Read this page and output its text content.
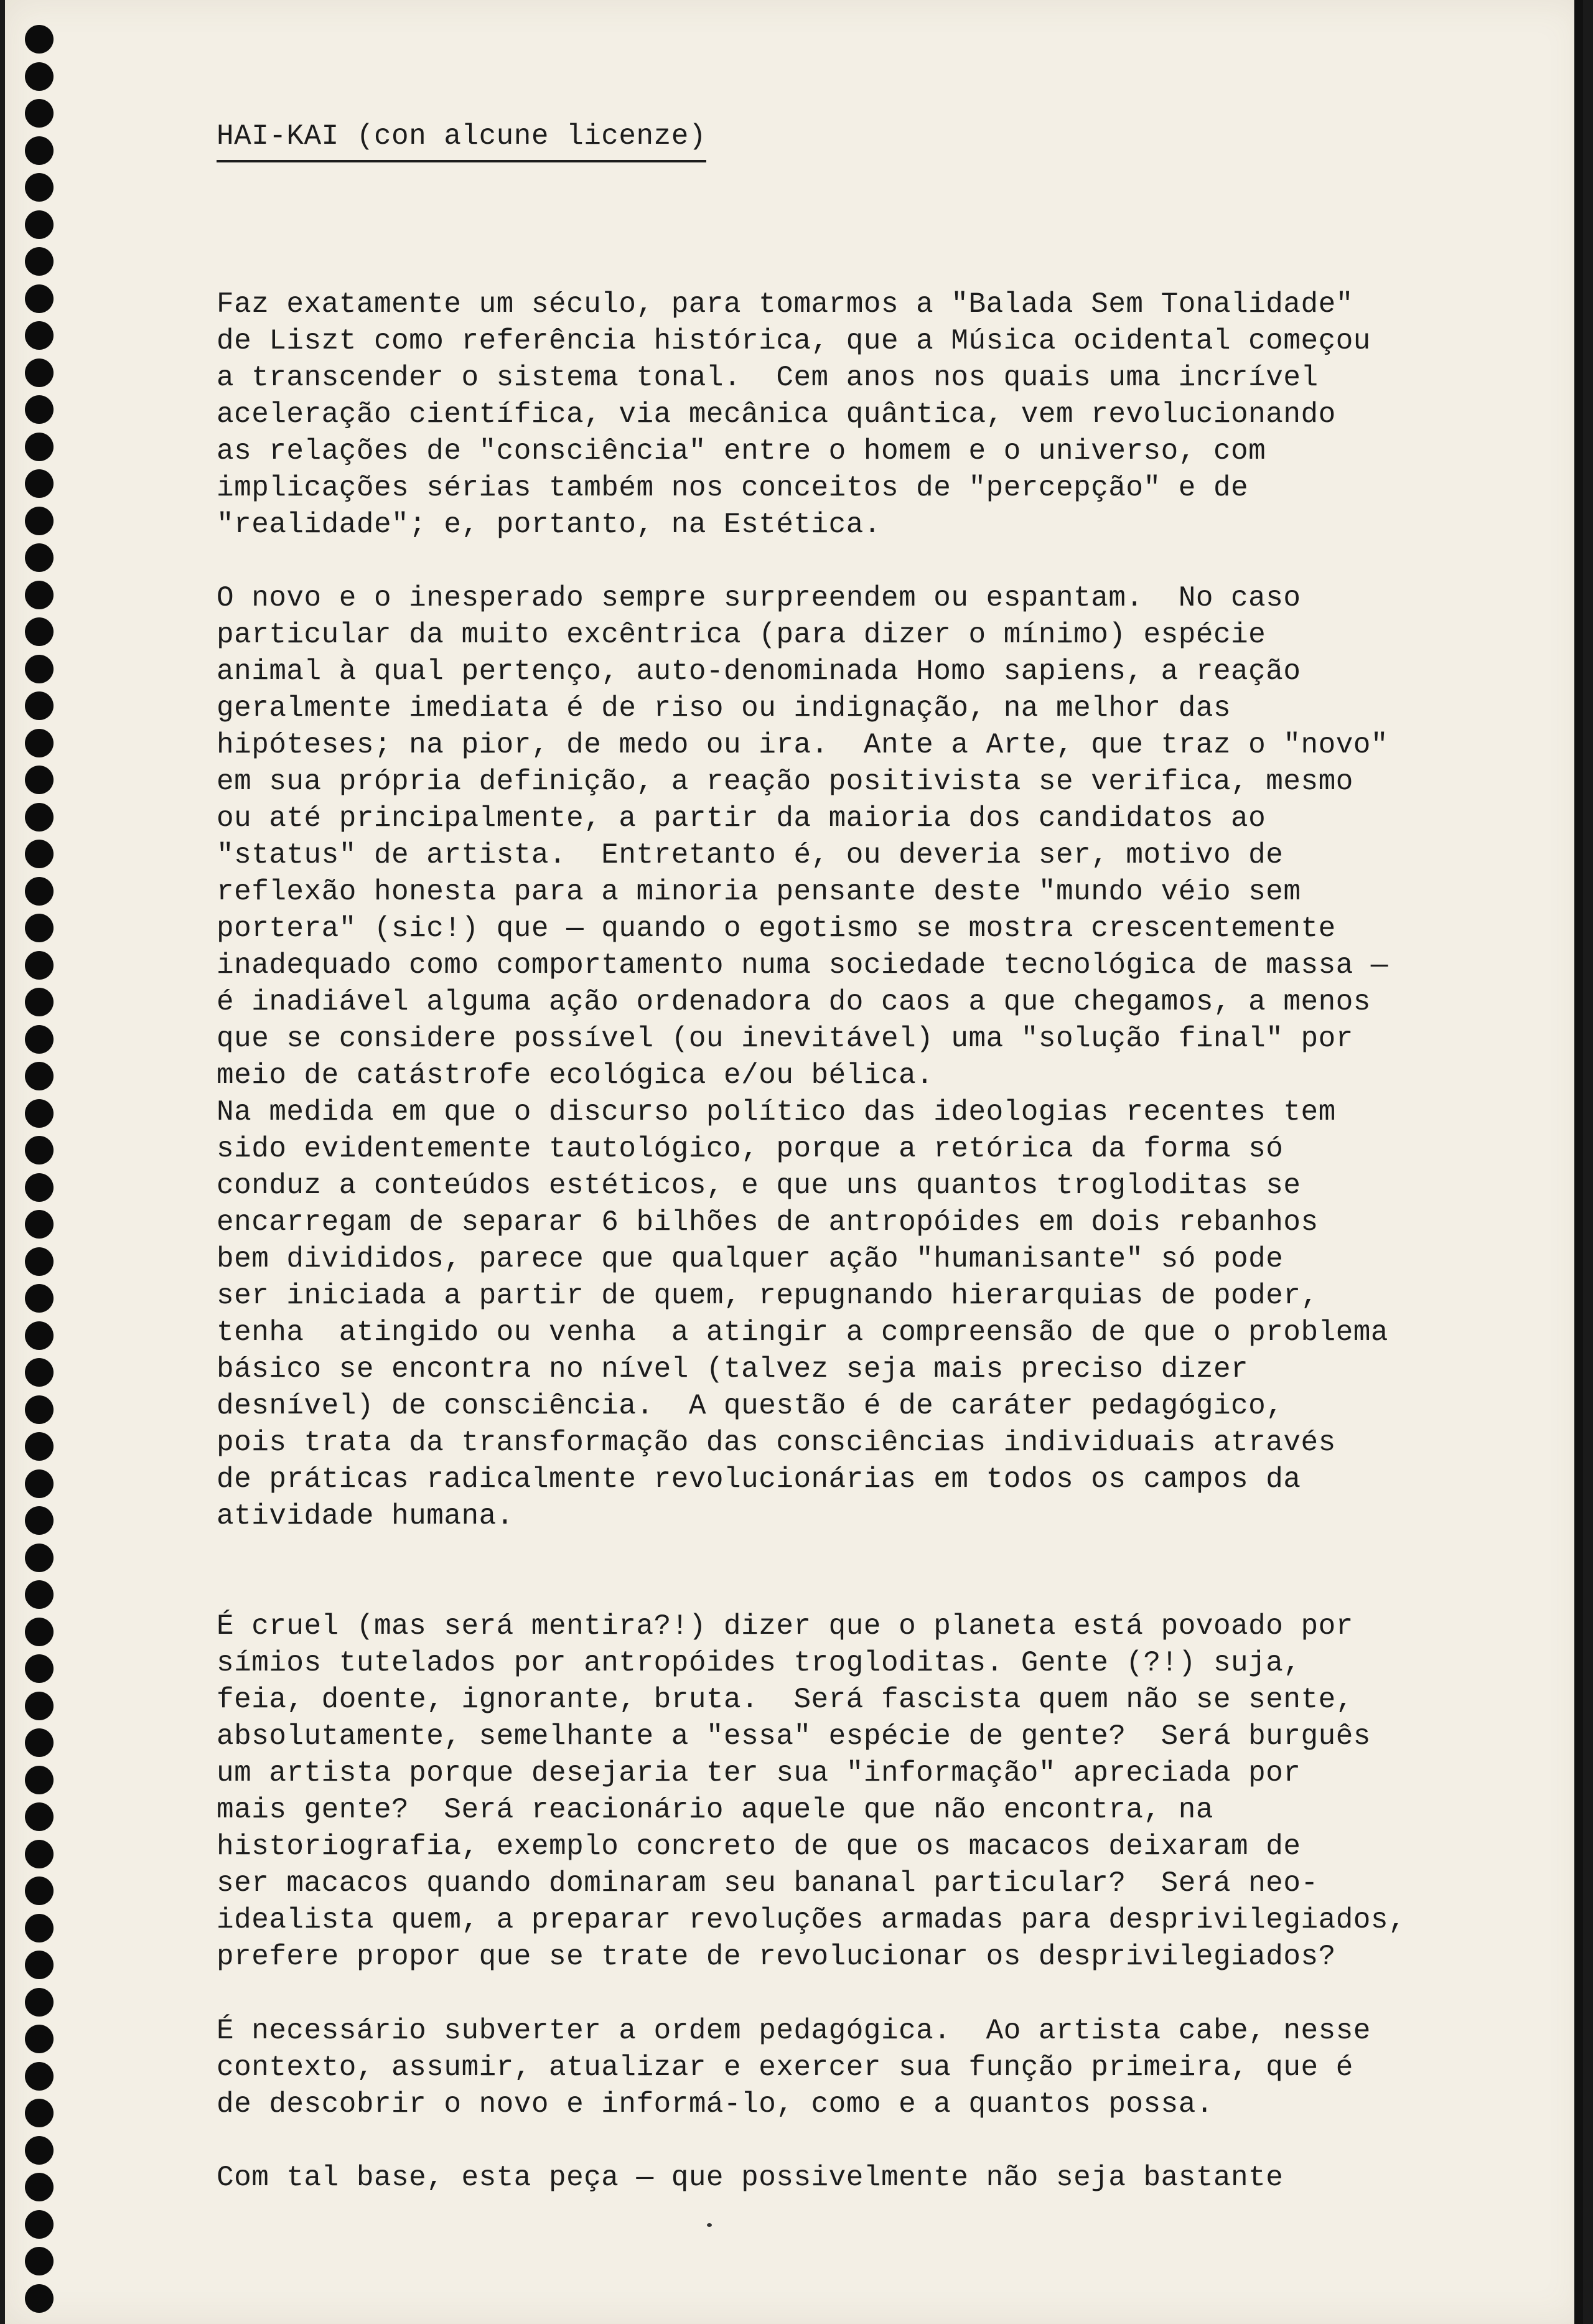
HAI-KAI (con alcune licenze)

Faz exatamente um século, para tomarmos a "Balada Sem Tonalidade"
de Liszt como referência histórica, que a Música ocidental começou
a transcender o sistema tonal.  Cem anos nos quais uma incrível
aceleração científica, via mecânica quântica, vem revolucionando
as relações de "consciência" entre o homem e o universo, com
implicações sérias também nos conceitos de "percepção" e de
"realidade"; e, portanto, na Estética.

O novo e o inesperado sempre surpreendem ou espantam.  No caso
particular da muito excêntrica (para dizer o mínimo) espécie
animal à qual pertenço, auto-denominada Homo sapiens, a reação
geralmente imediata é de riso ou indignação, na melhor das
hipóteses; na pior, de medo ou ira.  Ante a Arte, que traz o "novo"
em sua própria definição, a reação positivista se verifica, mesmo
ou até principalmente, a partir da maioria dos candidatos ao
"status" de artista.  Entretanto é, ou deveria ser, motivo de
reflexão honesta para a minoria pensante deste "mundo véio sem
portera" (sic!) que — quando o egotismo se mostra crescentemente
inadequado como comportamento numa sociedade tecnológica de massa —
é inadiável alguma ação ordenadora do caos a que chegamos, a menos
que se considere possível (ou inevitável) uma "solução final" por
meio de catástrofe ecológica e/ou bélica.

Na medida em que o discurso político das ideologias recentes tem
sido evidentemente tautológico, porque a retórica da forma só
conduz a conteúdos estéticos, e que uns quantos trogloditas se
encarregam de separar 6 bilhões de antropóides em dois rebanhos
bem divididos, parece que qualquer ação "humanisante" só pode
ser iniciada a partir de quem, repugnando hierarquias de poder,
tenha  atingido ou venha  a atingir a compreensão de que o problema
básico se encontra no nível (talvez seja mais preciso dizer
desnível) de consciência.  A questão é de caráter pedagógico,
pois trata da transformação das consciências individuais através
de práticas radicalmente revolucionárias em todos os campos da
atividade humana.

É cruel (mas será mentira?!) dizer que o planeta está povoado por
símios tutelados por antropóides trogloditas. Gente (?!) suja,
feia, doente, ignorante, bruta.  Será fascista quem não se sente,
absolutamente, semelhante a "essa" espécie de gente?  Será burguês
um artista porque desejaria ter sua "informação" apreciada por
mais gente?  Será reacionário aquele que não encontra, na
historiografia, exemplo concreto de que os macacos deixaram de
ser macacos quando dominaram seu bananal particular?  Será neo-
idealista quem, a preparar revoluções armadas para desprivilegiados,
prefere propor que se trate de revolucionar os desprivilegiados?

É necessário subverter a ordem pedagógica.  Ao artista cabe, nesse
contexto, assumir, atualizar e exercer sua função primeira, que é
de descobrir o novo e informá-lo, como e a quantos possa.

Com tal base, esta peça — que possivelmente não seja bastante
